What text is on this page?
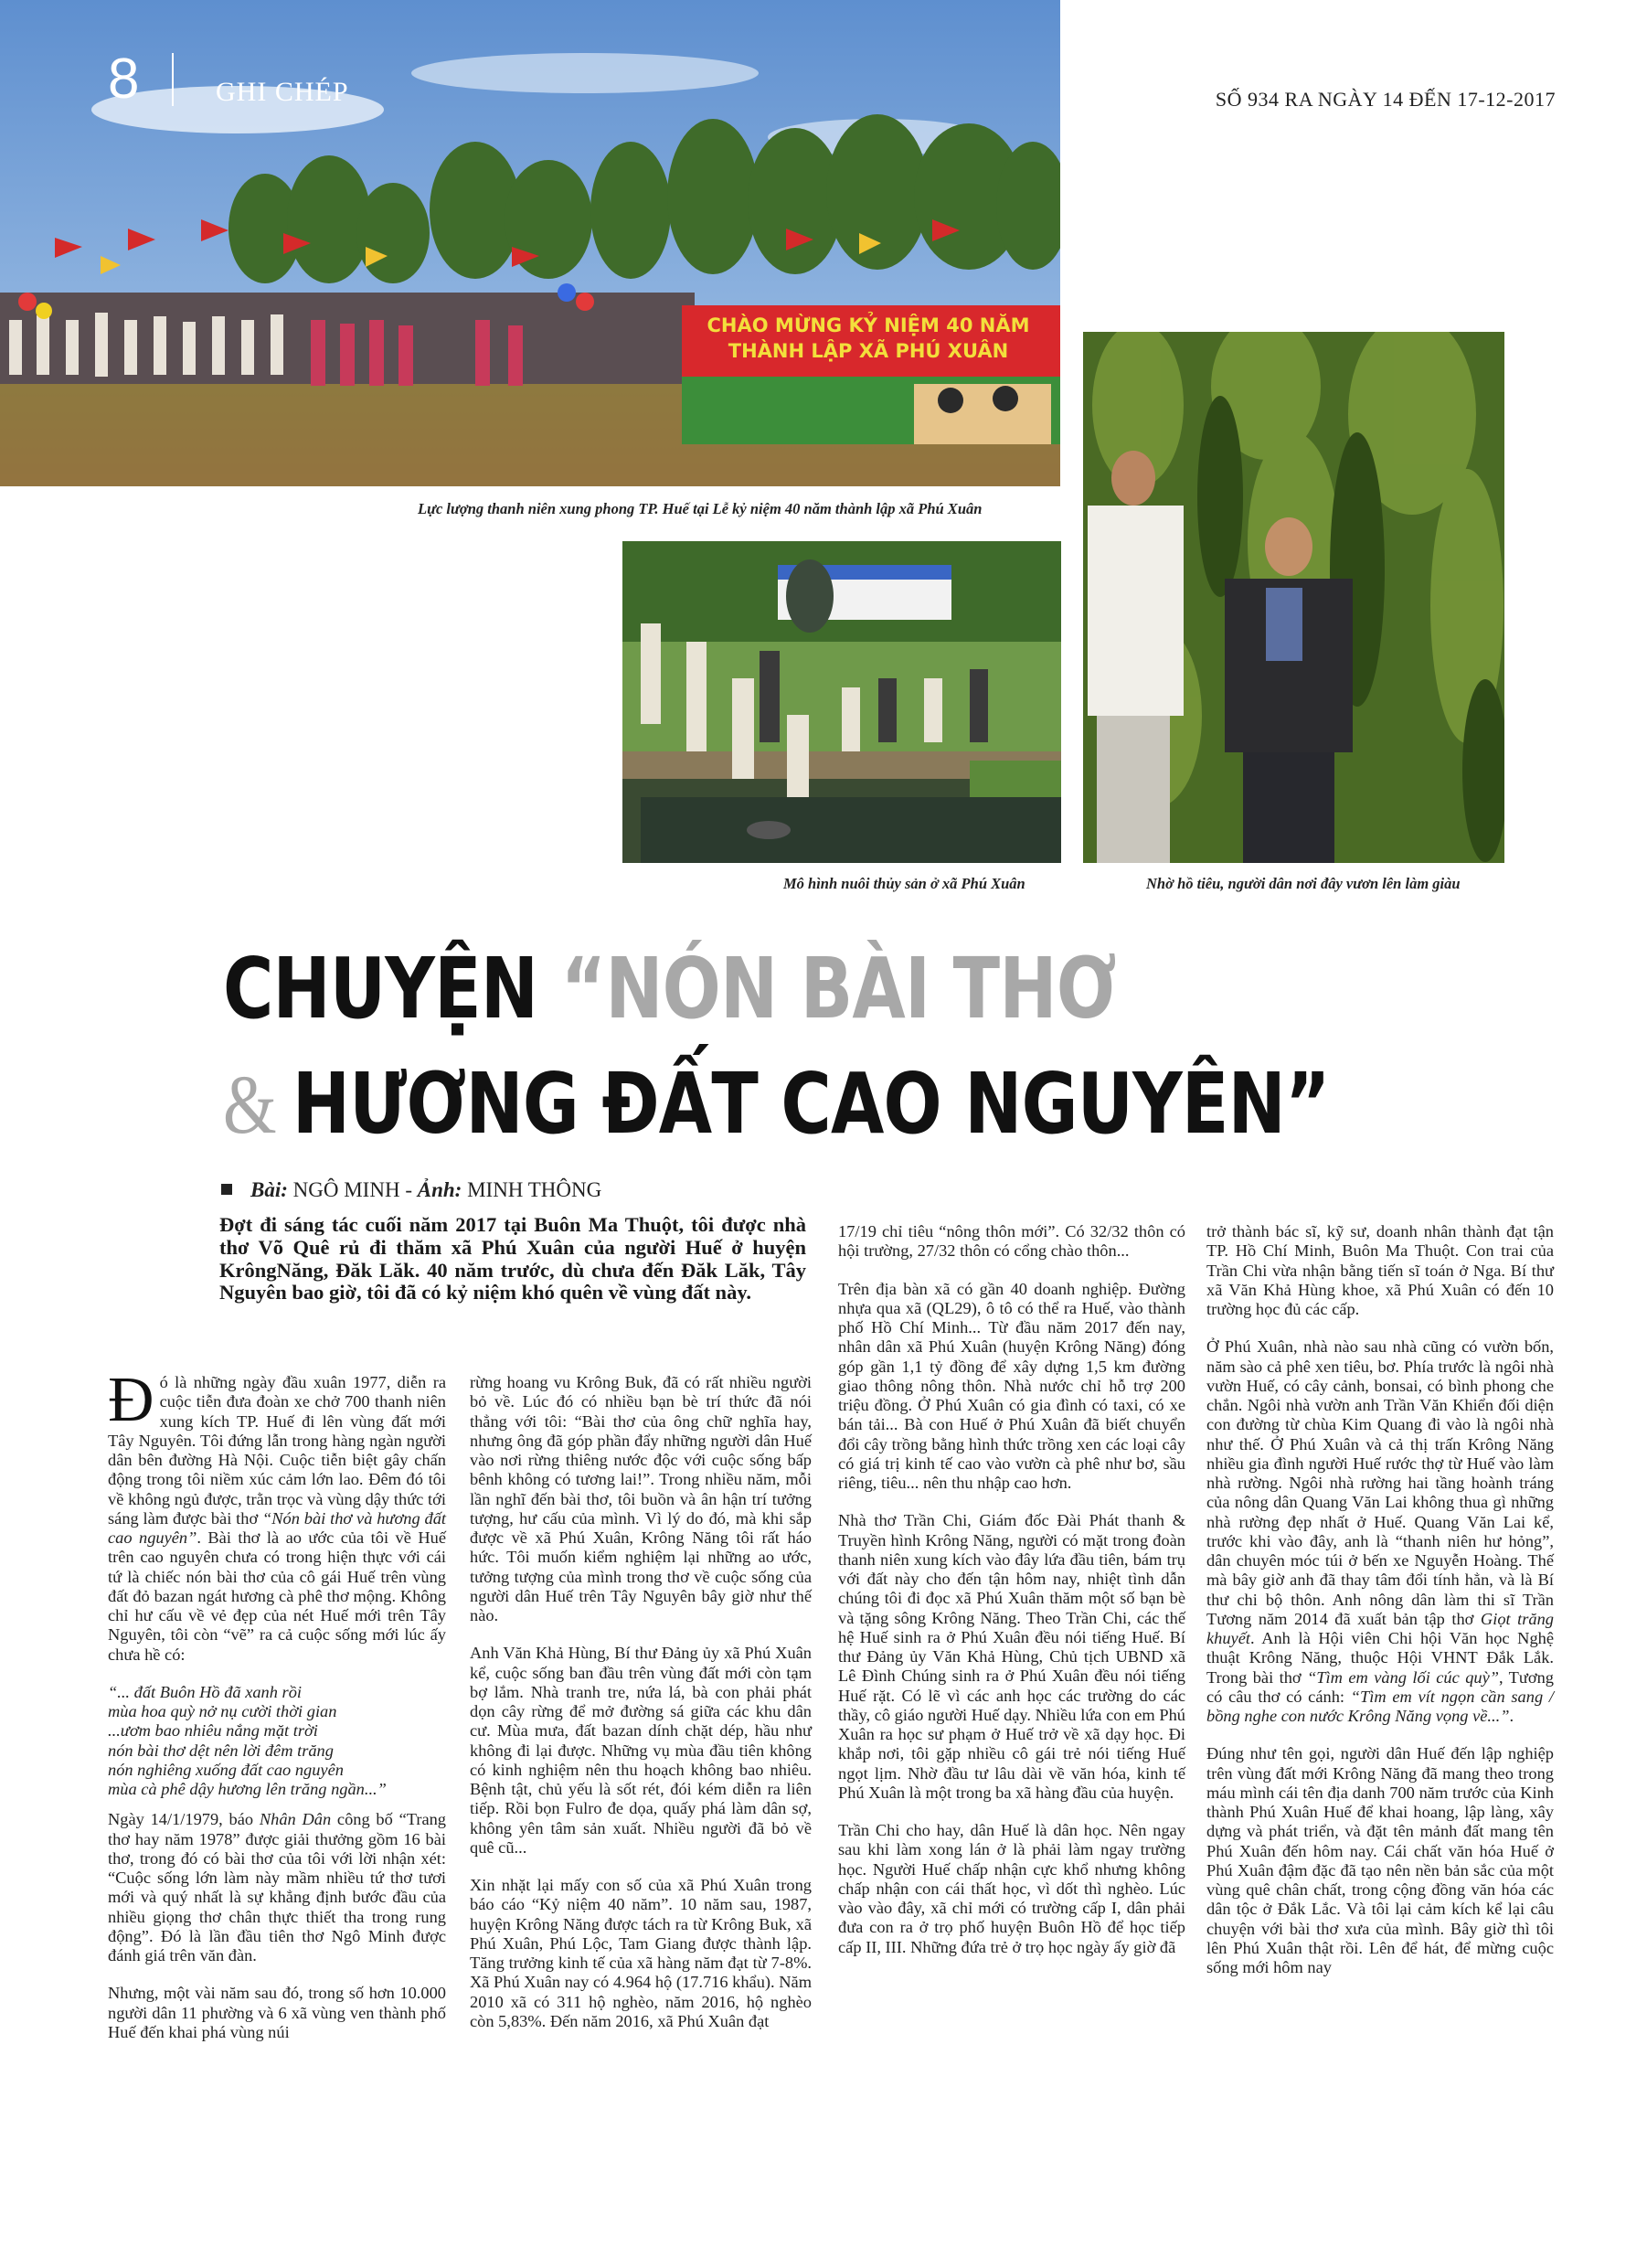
CHÀO MỪNG KỶ NIỆM 40 NĂM
THÀNH LẬP XÃ PHÚ XUÂN
8	GHI CHÉP	SỐ 934 RA NGÀY 14 ĐẾN 17-12-2017
Lực lượng thanh niên xung phong TP. Huế tại Lễ kỷ niệm 40 năm thành lập xã Phú Xuân
Mô hình nuôi thủy sản ở xã Phú Xuân	Nhờ hồ tiêu, người dân nơi đây vươn lên làm giàu
CHUYỆN “NÓN BÀI THƠ
& HƯƠNG ĐẤT CAO NGUYÊN”
Bài: NGÔ MINH - Ảnh: MINH THÔNG
Đợt đi sáng tác cuối năm 2017 tại Buôn Ma Thuột, tôi được nhà thơ Võ Quê rủ đi thăm xã Phú Xuân của người Huế ở huyện KrôngNăng, Đăk Lăk. 40 năm trước, dù chưa đến Đăk Lăk, Tây Nguyên bao giờ, tôi đã có kỷ niệm khó quên về vùng đất này.

Đó là những ngày đầu xuân 1977, diễn ra cuộc tiễn đưa đoàn xe chở 700 thanh niên xung kích TP. Huế đi lên vùng đất mới Tây Nguyên. Tôi đứng lẫn trong hàng ngàn người dân bên đường Hà Nội. Cuộc tiễn biệt gây chấn động trong tôi niềm xúc cảm lớn lao. Đêm đó tôi về không ngủ được, trằn trọc và vùng dậy thức tới sáng làm được bài thơ “Nón bài thơ và hương đất cao nguyên”. Bài thơ là ao ước của tôi về Huế trên cao nguyên chưa có trong hiện thực với cái tứ là chiếc nón bài thơ của cô gái Huế trên vùng đất đỏ bazan ngát hương cà phê thơ mộng. Không chỉ hư cấu về vẻ đẹp của nét Huế mới trên Tây Nguyên, tôi còn “vẽ” ra cả cuộc sống mới lúc ấy chưa hề có:

“... đất Buôn Hồ đã xanh rồi
mùa hoa quỳ nở nụ cười thời gian
...ươm bao nhiêu nắng mặt trời
nón bài thơ dệt nên lời đêm trăng
nón nghiêng xuống đất cao nguyên
mùa cà phê dậy hương lên trăng ngần...”

Ngày 14/1/1979, báo Nhân Dân công bố “Trang thơ hay năm 1978” được giải thưởng gồm 16 bài thơ, trong đó có bài thơ của tôi với lời nhận xét: “Cuộc sống lớn làm này mầm nhiều tứ thơ tươi mới và quý nhất là sự khẳng định bước đầu của nhiều giọng thơ chân thực thiết tha trong rung động”. Đó là lần đầu tiên thơ Ngô Minh được đánh giá trên văn đàn.

Nhưng, một vài năm sau đó, trong số hơn 10.000 người dân 11 phường và 6 xã vùng ven thành phố Huế đến khai phá vùng núi

rừng hoang vu Krông Buk, đã có rất nhiều người bỏ về. Lúc đó có nhiều bạn bè trí thức đã nói thẳng với tôi: “Bài thơ của ông chữ nghĩa hay, nhưng ông đã góp phần đẩy những người dân Huế vào nơi rừng thiêng nước độc với cuộc sống bấp bênh không có tương lai!”. Trong nhiều năm, mỗi lần nghĩ đến bài thơ, tôi buồn và ân hận trí tưởng tượng, hư cấu của mình. Vì lý do đó, mà khi sắp được về xã Phú Xuân, Krông Năng tôi rất háo hức. Tôi muốn kiểm nghiệm lại những ao ước, tưởng tượng của mình trong thơ về cuộc sống của người dân Huế trên Tây Nguyên bây giờ như thế nào.

Anh Văn Khả Hùng, Bí thư Đảng ủy xã Phú Xuân kể, cuộc sống ban đầu trên vùng đất mới còn tạm bợ lắm. Nhà tranh tre, nứa lá, bà con phải phát dọn cây rừng để mở đường sá giữa các khu dân cư. Mùa mưa, đất bazan dính chặt dép, hầu như không đi lại được. Những vụ mùa đầu tiên không có kinh nghiệm nên thu hoạch không bao nhiêu. Bệnh tật, chủ yếu là sốt rét, đói kém diễn ra liên tiếp. Rồi bọn Fulro đe dọa, quấy phá làm dân sợ, không yên tâm sản xuất. Nhiều người đã bỏ về quê cũ...

Xin nhặt lại mấy con số của xã Phú Xuân trong báo cáo “Kỷ niệm 40 năm”. 10 năm sau, 1987, huyện Krông Năng được tách ra từ Krông Buk, xã Phú Xuân, Phú Lộc, Tam Giang được thành lập. Tăng trưởng kinh tế của xã hàng năm đạt từ 7-8%. Xã Phú Xuân nay có 4.964 hộ (17.716 khẩu). Năm 2010 xã có 311 hộ nghèo, năm 2016, hộ nghèo còn 5,83%. Đến năm 2016, xã Phú Xuân đạt

17/19 chỉ tiêu “nông thôn mới”. Có 32/32 thôn có hội trường, 27/32 thôn có cổng chào thôn...

Trên địa bàn xã có gần 40 doanh nghiệp. Đường nhựa qua xã (QL29), ô tô có thể ra Huế, vào thành phố Hồ Chí Minh... Từ đầu năm 2017 đến nay, nhân dân xã Phú Xuân (huyện Krông Năng) đóng góp gần 1,1 tỷ đồng để xây dựng 1,5 km đường giao thông nông thôn. Nhà nước chỉ hỗ trợ 200 triệu đồng. Ở Phú Xuân có gia đình có taxi, có xe bán tải... Bà con Huế ở Phú Xuân đã biết chuyển đổi cây trồng bằng hình thức trồng xen các loại cây có giá trị kinh tế cao vào vườn cà phê như bơ, sầu riêng, tiêu... nên thu nhập cao hơn.

Nhà thơ Trần Chi, Giám đốc Đài Phát thanh & Truyền hình Krông Năng, người có mặt trong đoàn thanh niên xung kích vào đây lứa đầu tiên, bám trụ với đất này cho đến tận hôm nay, nhiệt tình dẫn chúng tôi đi đọc xã Phú Xuân thăm một số bạn bè và tặng sông Krông Năng. Theo Trần Chi, các thế hệ Huế sinh ra ở Phú Xuân đều nói tiếng Huế. Bí thư Đảng ủy Văn Khả Hùng, Chủ tịch UBND xã Lê Đình Chúng sinh ra ở Phú Xuân đều nói tiếng Huế rặt. Có lẽ vì các anh học các trường do các thầy, cô giáo người Huế dạy. Nhiều lứa con em Phú Xuân ra học sư phạm ở Huế trở về xã dạy học. Đi khắp nơi, tôi gặp nhiều cô gái trẻ nói tiếng Huế ngọt lịm. Nhờ đầu tư lâu dài về văn hóa, kinh tế Phú Xuân là một trong ba xã hàng đầu của huyện.

Trần Chi cho hay, dân Huế là dân học. Nên ngay sau khi làm xong lán ở là phải làm ngay trường học. Người Huế chấp nhận cực khổ nhưng không chấp nhận con cái thất học, vì dốt thì nghèo. Lúc vào vào đây, xã chỉ mới có trường cấp I, dân phải đưa con ra ở trọ phố huyện Buôn Hồ để học tiếp cấp II, III. Những đứa trẻ ở trọ học ngày ấy giờ đã

trở thành bác sĩ, kỹ sư, doanh nhân thành đạt tận TP. Hồ Chí Minh, Buôn Ma Thuột. Con trai của Trần Chi vừa nhận bằng tiến sĩ toán ở Nga. Bí thư xã Văn Khả Hùng khoe, xã Phú Xuân có đến 10 trường học đủ các cấp.

Ở Phú Xuân, nhà nào sau nhà cũng có vườn bốn, năm sào cả phê xen tiêu, bơ. Phía trước là ngôi nhà vườn Huế, có cây cảnh, bonsai, có bình phong che chắn. Ngôi nhà vườn anh Trần Văn Khiển đối diện con đường từ chùa Kim Quang đi vào là ngôi nhà như thế. Ở Phú Xuân và cả thị trấn Krông Năng nhiều gia đình người Huế rước thợ từ Huế vào làm nhà rường. Ngôi nhà rường hai tầng hoành tráng của nông dân Quang Văn Lai không thua gì những nhà rường đẹp nhất ở Huế. Quang Văn Lai kể, trước khi vào đây, anh là “thanh niên hư hỏng”, dân chuyên móc túi ở bến xe Nguyễn Hoàng. Thế mà bây giờ anh đã thay tâm đổi tính hẳn, và là Bí thư chi bộ thôn. Anh nông dân làm thi sĩ Trần Tương năm 2014 đã xuất bản tập thơ Giọt trăng khuyết. Anh là Hội viên Chi hội Văn học Nghệ thuật Krông Năng, thuộc Hội VHNT Đắk Lắk. Trong bài thơ “Tìm em vàng lối cúc quỳ”, Tương có câu thơ có cánh: “Tìm em vít ngọn cần sang / bồng nghe con nước Krông Năng vọng về...”.

Đúng như tên gọi, người dân Huế đến lập nghiệp trên vùng đất mới Krông Năng đã mang theo trong máu mình cái tên địa danh 700 năm trước của Kinh thành Phú Xuân Huế để khai hoang, lập làng, xây dựng và phát triển, và đặt tên mảnh đất mang tên Phú Xuân đến hôm nay. Cái chất văn hóa Huế ở Phú Xuân đậm đặc đã tạo nên nền bản sắc của một vùng quê chân chất, trong cộng đồng văn hóa các dân tộc ở Đắk Lắc. Và tôi lại cảm kích kể lại câu chuyện với bài thơ xưa của mình. Bây giờ thì tôi lên Phú Xuân thật rồi. Lên để hát, để mừng cuộc sống mới hôm nay
